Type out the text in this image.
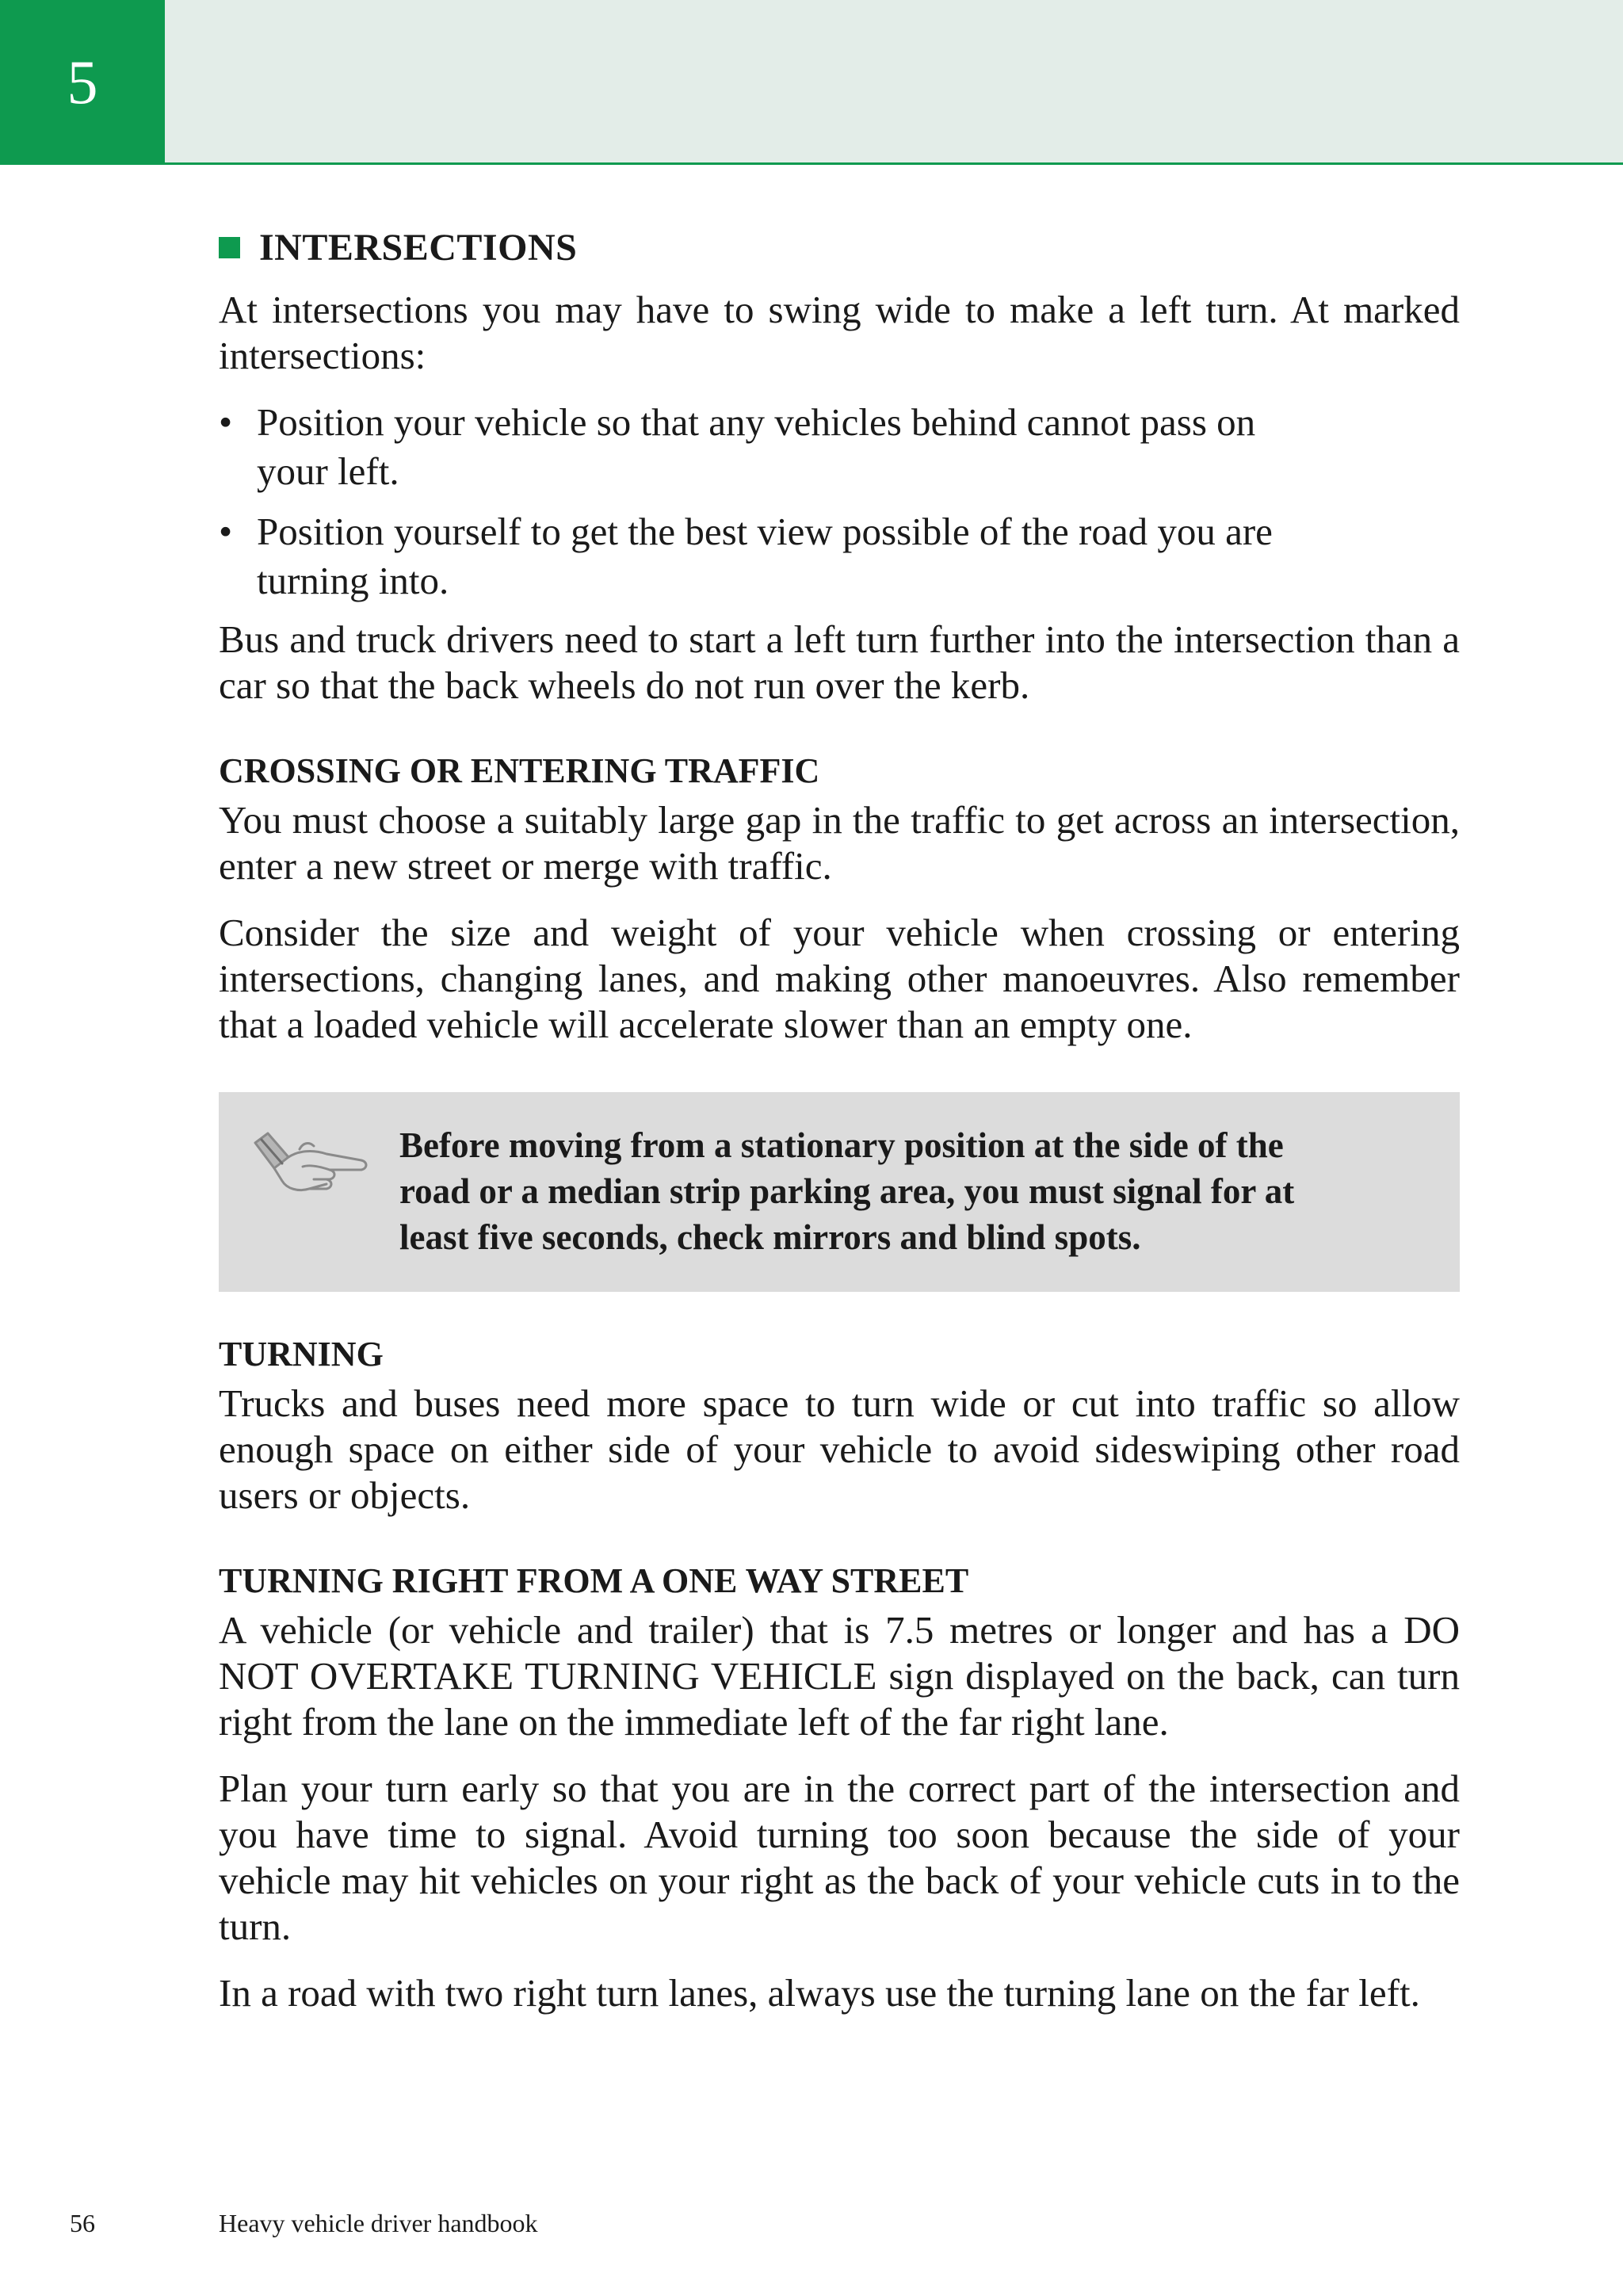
5
INTERSECTIONS

At intersections you may have to swing wide to make a left turn. At marked intersections:

• Position your vehicle so that any vehicles behind cannot pass on your left.
• Position yourself to get the best view possible of the road you are turning into.

Bus and truck drivers need to start a left turn further into the intersection than a car so that the back wheels do not run over the kerb.

CROSSING OR ENTERING TRAFFIC

You must choose a suitably large gap in the traffic to get across an intersection, enter a new street or merge with traffic.

Consider the size and weight of your vehicle when crossing or entering intersections, changing lanes, and making other manoeuvres. Also remember that a loaded vehicle will accelerate slower than an empty one.

Before moving from a stationary position at the side of the road or a median strip parking area, you must signal for at least five seconds, check mirrors and blind spots.
TURNING

Trucks and buses need more space to turn wide or cut into traffic so allow enough space on either side of your vehicle to avoid sideswiping other road users or objects.

TURNING RIGHT FROM A ONE WAY STREET

A vehicle (or vehicle and trailer) that is 7.5 metres or longer and has a DO NOT OVERTAKE TURNING VEHICLE sign displayed on the back, can turn right from the lane on the immediate left of the far right lane.

Plan your turn early so that you are in the correct part of the intersection and you have time to signal. Avoid turning too soon because the side of your vehicle may hit vehicles on your right as the back of your vehicle cuts in to the turn.

In a road with two right turn lanes, always use the turning lane on the far left.

56	Heavy vehicle driver handbook
